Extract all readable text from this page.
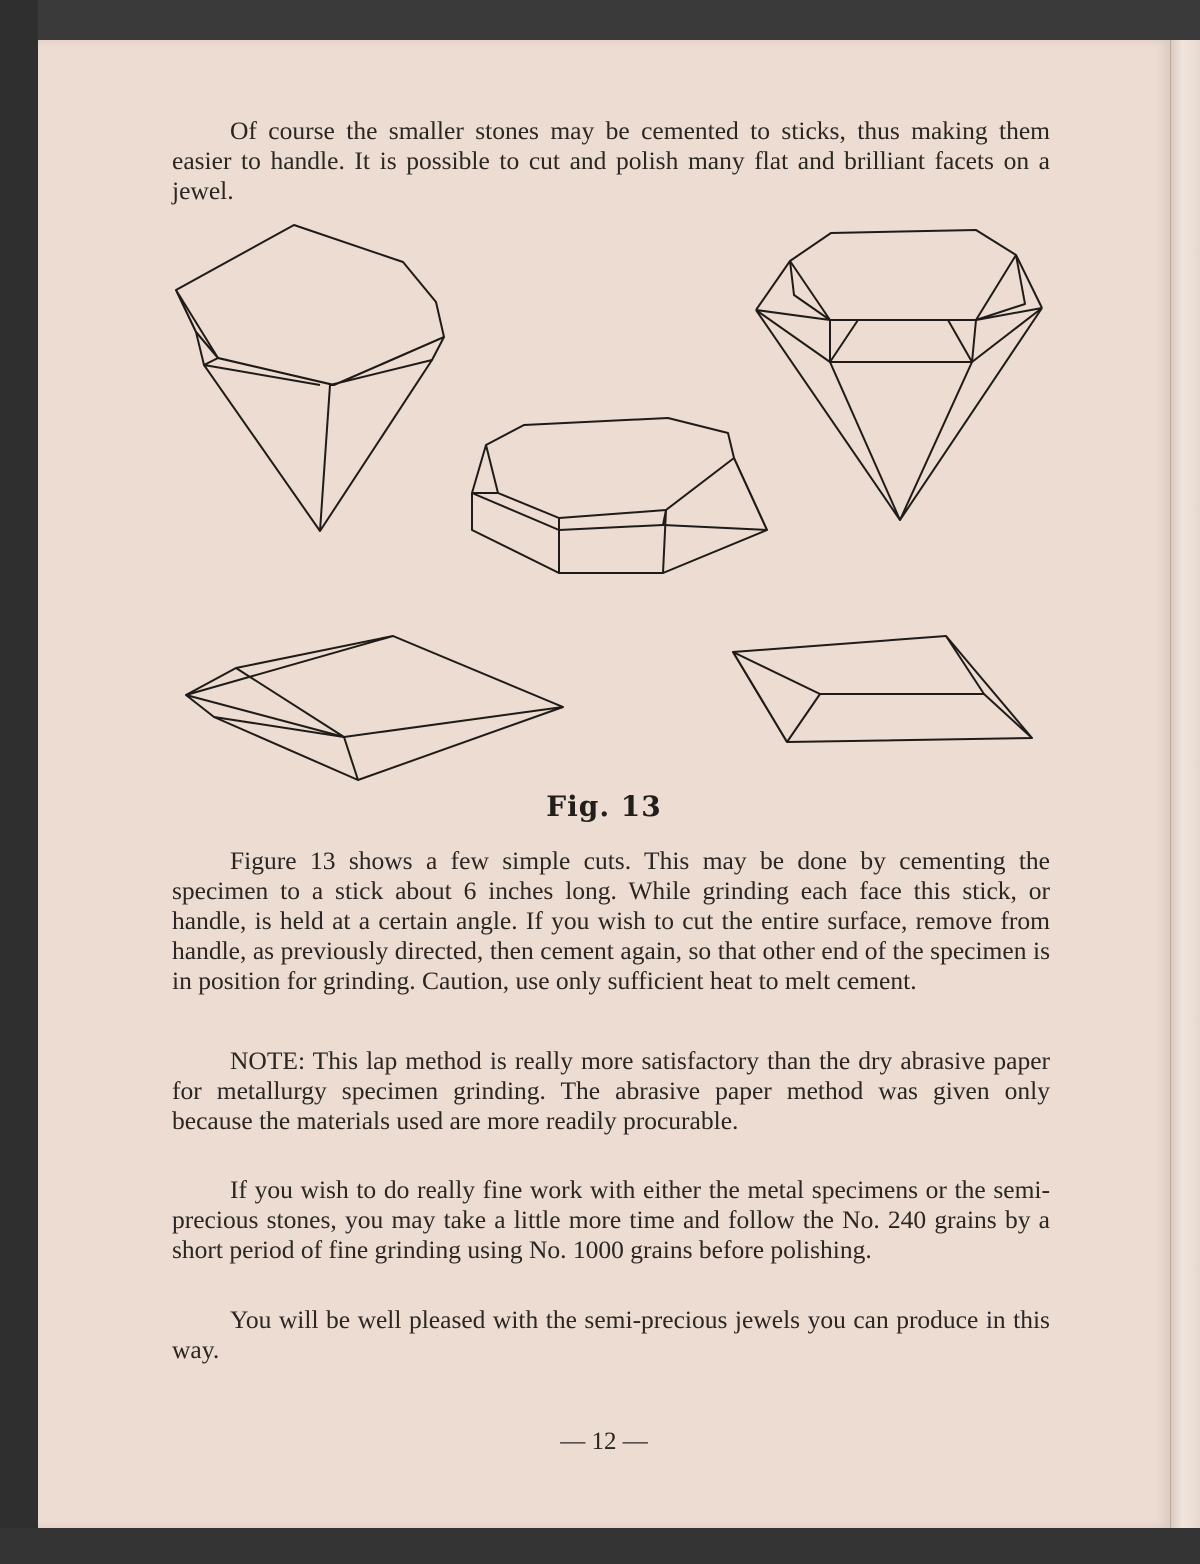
Of course the smaller stones may be cemented to sticks, thus making them easier to handle. It is possible to cut and polish many flat and brilliant facets on a jewel.

Fig. 13

Figure 13 shows a few simple cuts. This may be done by cementing the specimen to a stick about 6 inches long. While grinding each face this stick, or handle, is held at a certain angle. If you wish to cut the entire surface, remove from handle, as previously directed, then cement again, so that other end of the specimen is in position for grinding. Caution, use only sufficient heat to melt cement.

NOTE: This lap method is really more satisfactory than the dry abrasive paper for metallurgy specimen grinding. The abrasive paper method was given only because the materials used are more readily procurable.

If you wish to do really fine work with either the metal specimens or the semi-precious stones, you may take a little more time and follow the No. 240 grains by a short period of fine grinding using No. 1000 grains before polishing.

You will be well pleased with the semi-precious jewels you can produce in this way.

— 12 —
